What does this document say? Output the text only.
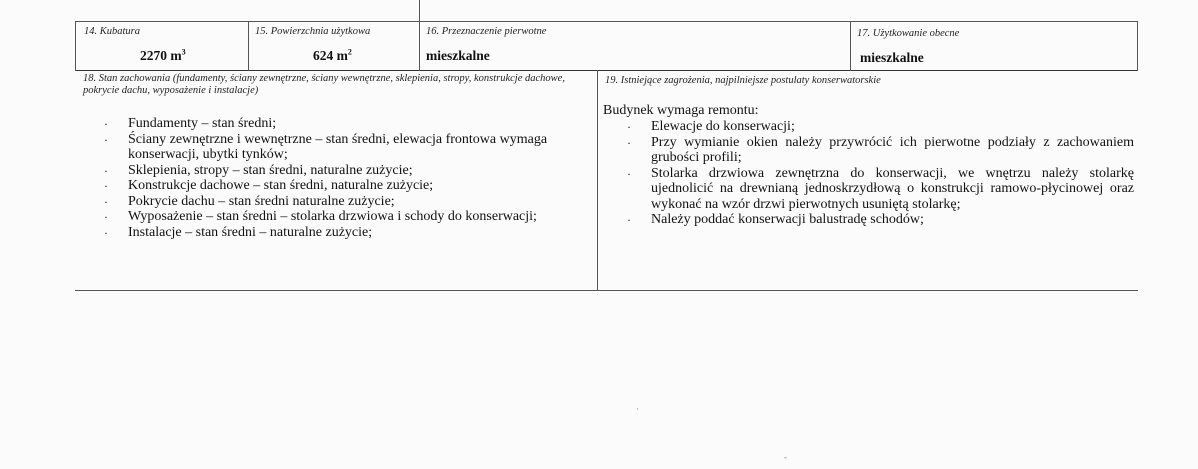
14. Kubatura
2270 $m^3$
15. Powierzchnia użytkowa
624 $m^2$
16. Przeznaczenie pierwotne
mieszkalne
17. Użytkowanie obecne
mieszkalne
18. Stan zachowania (fundamenty, ściany zewnętrzne, ściany wewnętrzne, sklepienia, stropy, konstrukcje dachowe, pokrycie dachu, wyposażenie i instalacje)
· Fundamenty – stan średni;
· Ściany zewnętrzne i wewnętrzne – stan średni, elewacja frontowa wymaga konserwacji, ubytki tynków;
· Sklepienia, stropy – stan średni, naturalne zużycie;
· Konstrukcje dachowe – stan średni, naturalne zużycie;
· Pokrycie dachu – stan średni naturalne zużycie;
· Wyposażenie – stan średni – stolarka drzwiowa i schody do konserwacji;
· Instalacje – stan średni – naturalne zużycie;
19. Istniejące zagrożenia, najpilniejsze postulaty konserwatorskie
Budynek wymaga remontu:
· Elewacje do konserwacji;
· Przy wymianie okien należy przywrócić ich pierwotne podziały z zachowaniem grubości profili;
· Stolarka drzwiowa zewnętrzna do konserwacji, we wnętrzu należy stolarkę ujednolicić na drewnianą jednoskrzydłową o konstrukcji ramowo-płycinowej oraz wykonać na wzór drzwi pierwotnych usuniętą stolarkę;
· Należy poddać konserwacji balustradę schodów;
·
‐
